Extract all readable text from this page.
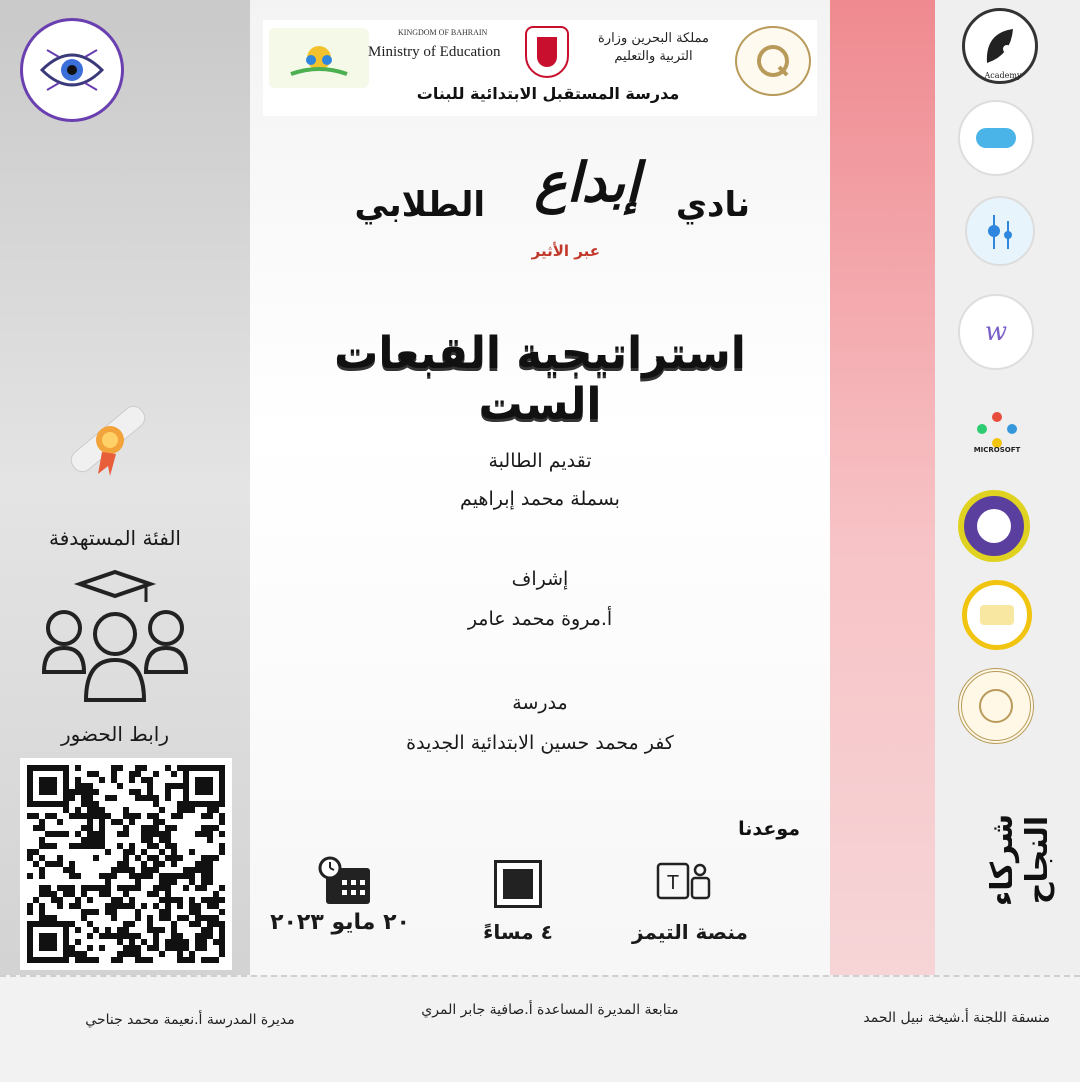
KINGDOM OF BAHRAIN
Ministry of Education
مملكة البحرين وزارة التربية والتعليم
مدرسة المستقبل الابتدائية للبنات
نادي
إبداع
الطلابي
عبر الأثير
استراتيجية القبعات الست
تقديم الطالبة
بسملة محمد إبراهيم
إشراف
أ.مروة محمد عامر
مدرسة
كفر محمد حسين الابتدائية الجديدة
موعدنا
T
منصة التيمز
٤ مساءً
٢٠ مايو ٢٠٢٣
الفئة المستهدفة
رابط الحضور
Academy
w
MICROSOFT
شركاء النجاح
منسقة اللجنة أ.شيخة نبيل الحمد
متابعة المديرة المساعدة أ.صافية جابر المري
مديرة المدرسة أ.نعيمة محمد جناحي
